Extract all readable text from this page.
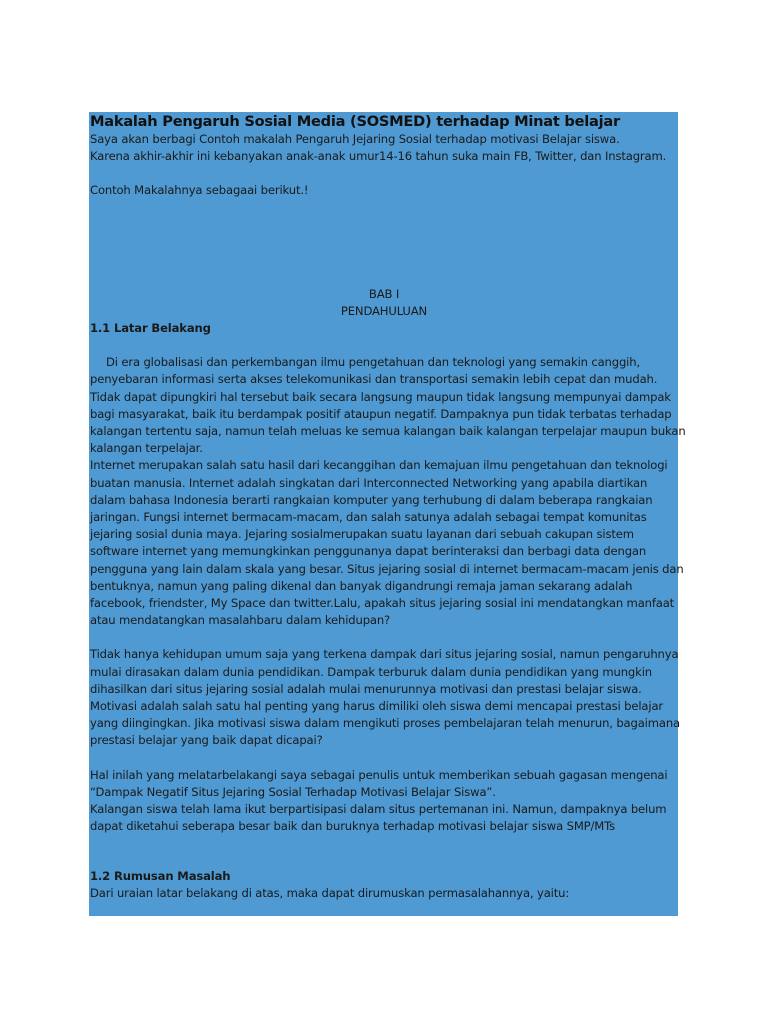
Makalah Pengaruh Sosial Media (SOSMED) terhadap Minat belajar
Saya akan berbagi Contoh makalah Pengaruh Jejaring Sosial terhadap motivasi Belajar siswa.
Karena akhir-akhir ini kebanyakan anak-anak umur14-16 tahun suka main FB, Twitter, dan Instagram.
Contoh Makalahnya sebagaai berikut.!
BAB I
PENDAHULUAN
1.1 Latar Belakang
Di era globalisasi dan perkembangan ilmu pengetahuan dan teknologi yang semakin canggih,
penyebaran informasi serta akses telekomunikasi dan transportasi semakin lebih cepat dan mudah.
Tidak dapat dipungkiri hal tersebut baik secara langsung maupun tidak langsung mempunyai dampak
bagi masyarakat, baik itu berdampak positif ataupun negatif. Dampaknya pun tidak terbatas terhadap
kalangan tertentu saja, namun telah meluas ke semua kalangan baik kalangan terpelajar maupun bukan
kalangan terpelajar.
Internet merupakan salah satu hasil dari kecanggihan dan kemajuan ilmu pengetahuan dan teknologi
buatan manusia. Internet adalah singkatan dari Interconnected Networking yang apabila diartikan
dalam bahasa Indonesia berarti rangkaian komputer yang terhubung di dalam beberapa rangkaian
jaringan. Fungsi internet bermacam-macam, dan salah satunya adalah sebagai tempat komunitas
jejaring sosial dunia maya. Jejaring sosialmerupakan suatu layanan dari sebuah cakupan sistem
software internet yang memungkinkan penggunanya dapat berinteraksi dan berbagi data dengan
pengguna yang lain dalam skala yang besar. Situs jejaring sosial di internet bermacam-macam jenis dan
bentuknya, namun yang paling dikenal dan banyak digandrungi remaja jaman sekarang adalah
facebook, friendster, My Space dan twitter.Lalu, apakah situs jejaring sosial ini mendatangkan manfaat
atau mendatangkan masalahbaru dalam kehidupan?
Tidak hanya kehidupan umum saja yang terkena dampak dari situs jejaring sosial, namun pengaruhnya
mulai dirasakan dalam dunia pendidikan. Dampak terburuk dalam dunia pendidikan yang mungkin
dihasilkan dari situs jejaring sosial adalah mulai menurunnya motivasi dan prestasi belajar siswa.
Motivasi adalah salah satu hal penting yang harus dimiliki oleh siswa demi mencapai prestasi belajar
yang diingingkan. Jika motivasi siswa dalam mengikuti proses pembelajaran telah menurun, bagaimana
prestasi belajar yang baik dapat dicapai?
Hal inilah yang melatarbelakangi saya sebagai penulis untuk memberikan sebuah gagasan mengenai
“Dampak Negatif Situs Jejaring Sosial Terhadap Motivasi Belajar Siswa”.
Kalangan siswa telah lama ikut berpartisipasi dalam situs pertemanan ini. Namun, dampaknya belum
dapat diketahui seberapa besar baik dan buruknya terhadap motivasi belajar siswa SMP/MTs
1.2 Rumusan Masalah
Dari uraian latar belakang di atas, maka dapat dirumuskan permasalahannya, yaitu:
